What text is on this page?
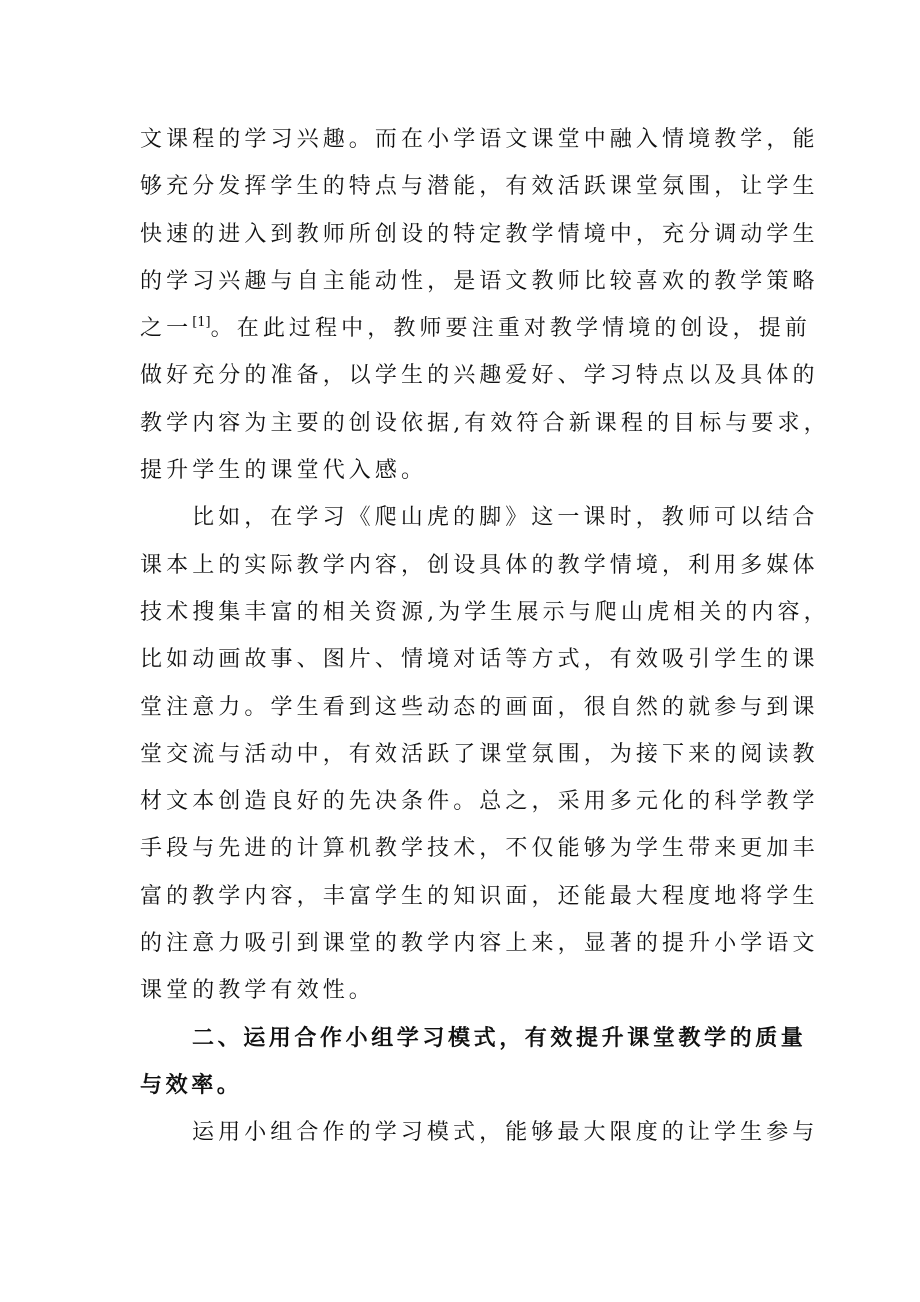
文课程的学习兴趣。而在小学语文课堂中融入情境教学，能
够充分发挥学生的特点与潜能，有效活跃课堂氛围，让学生
快速的进入到教师所创设的特定教学情境中，充分调动学生
的学习兴趣与自主能动性，是语文教师比较喜欢的教学策略
之一[1]。在此过程中，教师要注重对教学情境的创设，提前
做好充分的准备，以学生的兴趣爱好、学习特点以及具体的
教学内容为主要的创设依据,有效符合新课程的目标与要求，
提升学生的课堂代入感。

比如，在学习《爬山虎的脚》这一课时，教师可以结合
课本上的实际教学内容，创设具体的教学情境，利用多媒体
技术搜集丰富的相关资源,为学生展示与爬山虎相关的内容，
比如动画故事、图片、情境对话等方式，有效吸引学生的课
堂注意力。学生看到这些动态的画面，很自然的就参与到课
堂交流与活动中，有效活跃了课堂氛围，为接下来的阅读教
材文本创造良好的先决条件。总之，采用多元化的科学教学
手段与先进的计算机教学技术，不仅能够为学生带来更加丰
富的教学内容，丰富学生的知识面，还能最大程度地将学生
的注意力吸引到课堂的教学内容上来，显著的提升小学语文
课堂的教学有效性。

二、运用合作小组学习模式，有效提升课堂教学的质量
与效率。

运用小组合作的学习模式，能够最大限度的让学生参与
